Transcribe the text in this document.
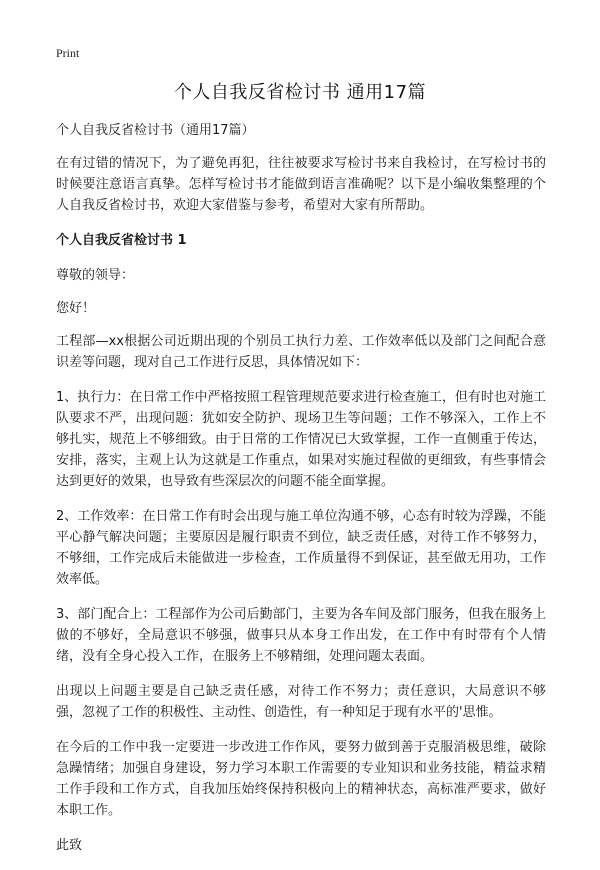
Print
个人自我反省检讨书 通用17篇

个人自我反省检讨书（通用17篇）

在有过错的情况下，为了避免再犯，往往被要求写检讨书来自我检讨，在写检讨书的时候要注意语言真挚。怎样写检讨书才能做到语言准确呢？以下是小编收集整理的个人自我反省检讨书，欢迎大家借鉴与参考，希望对大家有所帮助。

个人自我反省检讨书 1

尊敬的领导：

您好！

工程部—xx根据公司近期出现的个别员工执行力差、工作效率低以及部门之间配合意识差等问题，现对自己工作进行反思，具体情况如下：

1、执行力：在日常工作中严格按照工程管理规范要求进行检查施工，但有时也对施工队要求不严，出现问题：犹如安全防护、现场卫生等问题；工作不够深入，工作上不够扎实，规范上不够细致。由于日常的工作情况已大致掌握，工作一直侧重于传达，安排，落实，主观上认为这就是工作重点，如果对实施过程做的更细致，有些事情会达到更好的效果，也导致有些深层次的问题不能全面掌握。

2、工作效率：在日常工作有时会出现与施工单位沟通不够，心态有时较为浮躁，不能平心静气解决问题；主要原因是履行职责不到位，缺乏责任感，对待工作不够努力，不够细，工作完成后未能做进一步检查，工作质量得不到保证，甚至做无用功，工作效率低。

3、部门配合上：工程部作为公司后勤部门，主要为各车间及部门服务，但我在服务上做的不够好，全局意识不够强，做事只从本身工作出发，在工作中有时带有个人情绪，没有全身心投入工作，在服务上不够精细，处理问题太表面。

出现以上问题主要是自己缺乏责任感，对待工作不努力；责任意识，大局意识不够强，忽视了工作的积极性、主动性、创造性，有一种知足于现有水平的'思惟。

在今后的工作中我一定要进一步改进工作作风，要努力做到善于克服消极思维，破除急躁情绪；加强自身建设，努力学习本职工作需要的专业知识和业务技能，精益求精工作手段和工作方式，自我加压始终保持积极向上的精神状态，高标准严要求，做好本职工作。

此致
